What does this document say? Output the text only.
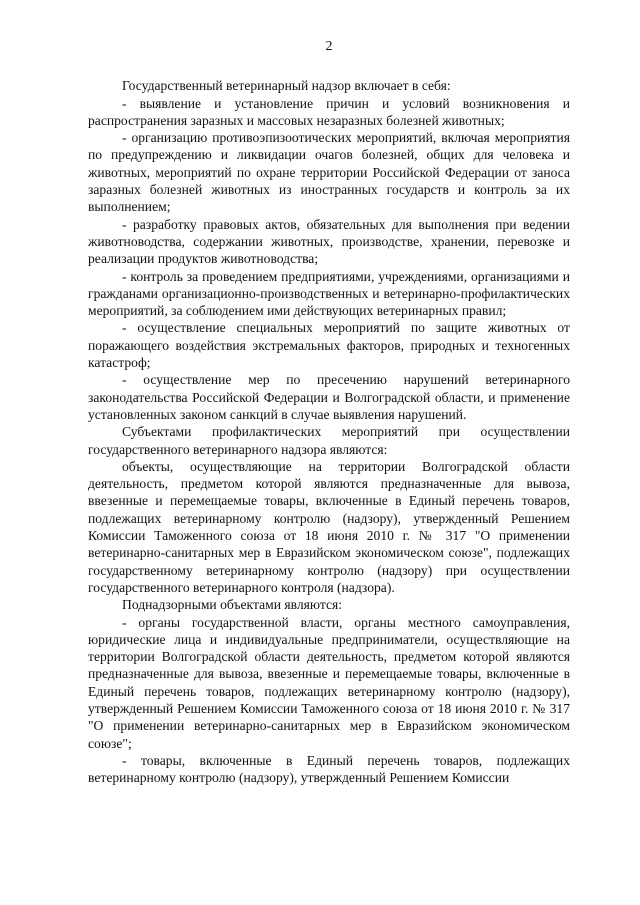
2

Государственный ветеринарный надзор включает в себя:

- выявление и установление причин и условий возникновения и распространения заразных и массовых незаразных болезней животных;

- организацию противоэпизоотических мероприятий, включая мероприятия по предупреждению и ликвидации очагов болезней, общих для человека и животных, мероприятий по охране территории Российской Федерации от заноса заразных болезней животных из иностранных государств и контроль за их выполнением;

- разработку правовых актов, обязательных для выполнения при ведении животноводства, содержании животных, производстве, хранении, перевозке и реализации продуктов животноводства;

- контроль за проведением предприятиями, учреждениями, организациями и гражданами организационно-производственных и ветеринарно-профилактических мероприятий, за соблюдением ими действующих ветеринарных правил;

- осуществление специальных мероприятий по защите животных от поражающего воздействия экстремальных факторов, природных и техногенных катастроф;

- осуществление мер по пресечению нарушений ветеринарного законодательства Российской Федерации и Волгоградской области, и применение установленных законом санкций в случае выявления нарушений.

Субъектами профилактических мероприятий при осуществлении государственного ветеринарного надзора являются:

объекты, осуществляющие на территории Волгоградской области деятельность, предметом которой являются предназначенные для вывоза, ввезенные и перемещаемые товары, включенные в Единый перечень товаров, подлежащих ветеринарному контролю (надзору), утвержденный Решением Комиссии Таможенного союза от 18 июня 2010 г. № 317 "О применении ветеринарно-санитарных мер в Евразийском экономическом союзе", подлежащих государственному ветеринарному контролю (надзору) при осуществлении государственного ветеринарного контроля (надзора).

Поднадзорными объектами являются:

- органы государственной власти, органы местного самоуправления, юридические лица и индивидуальные предприниматели, осуществляющие на территории Волгоградской области деятельность, предметом которой являются предназначенные для вывоза, ввезенные и перемещаемые товары, включенные в Единый перечень товаров, подлежащих ветеринарному контролю (надзору), утвержденный Решением Комиссии Таможенного союза от 18 июня 2010 г. № 317 "О применении ветеринарно-санитарных мер в Евразийском экономическом союзе";

- товары, включенные в Единый перечень товаров, подлежащих ветеринарному контролю (надзору), утвержденный Решением Комиссии
